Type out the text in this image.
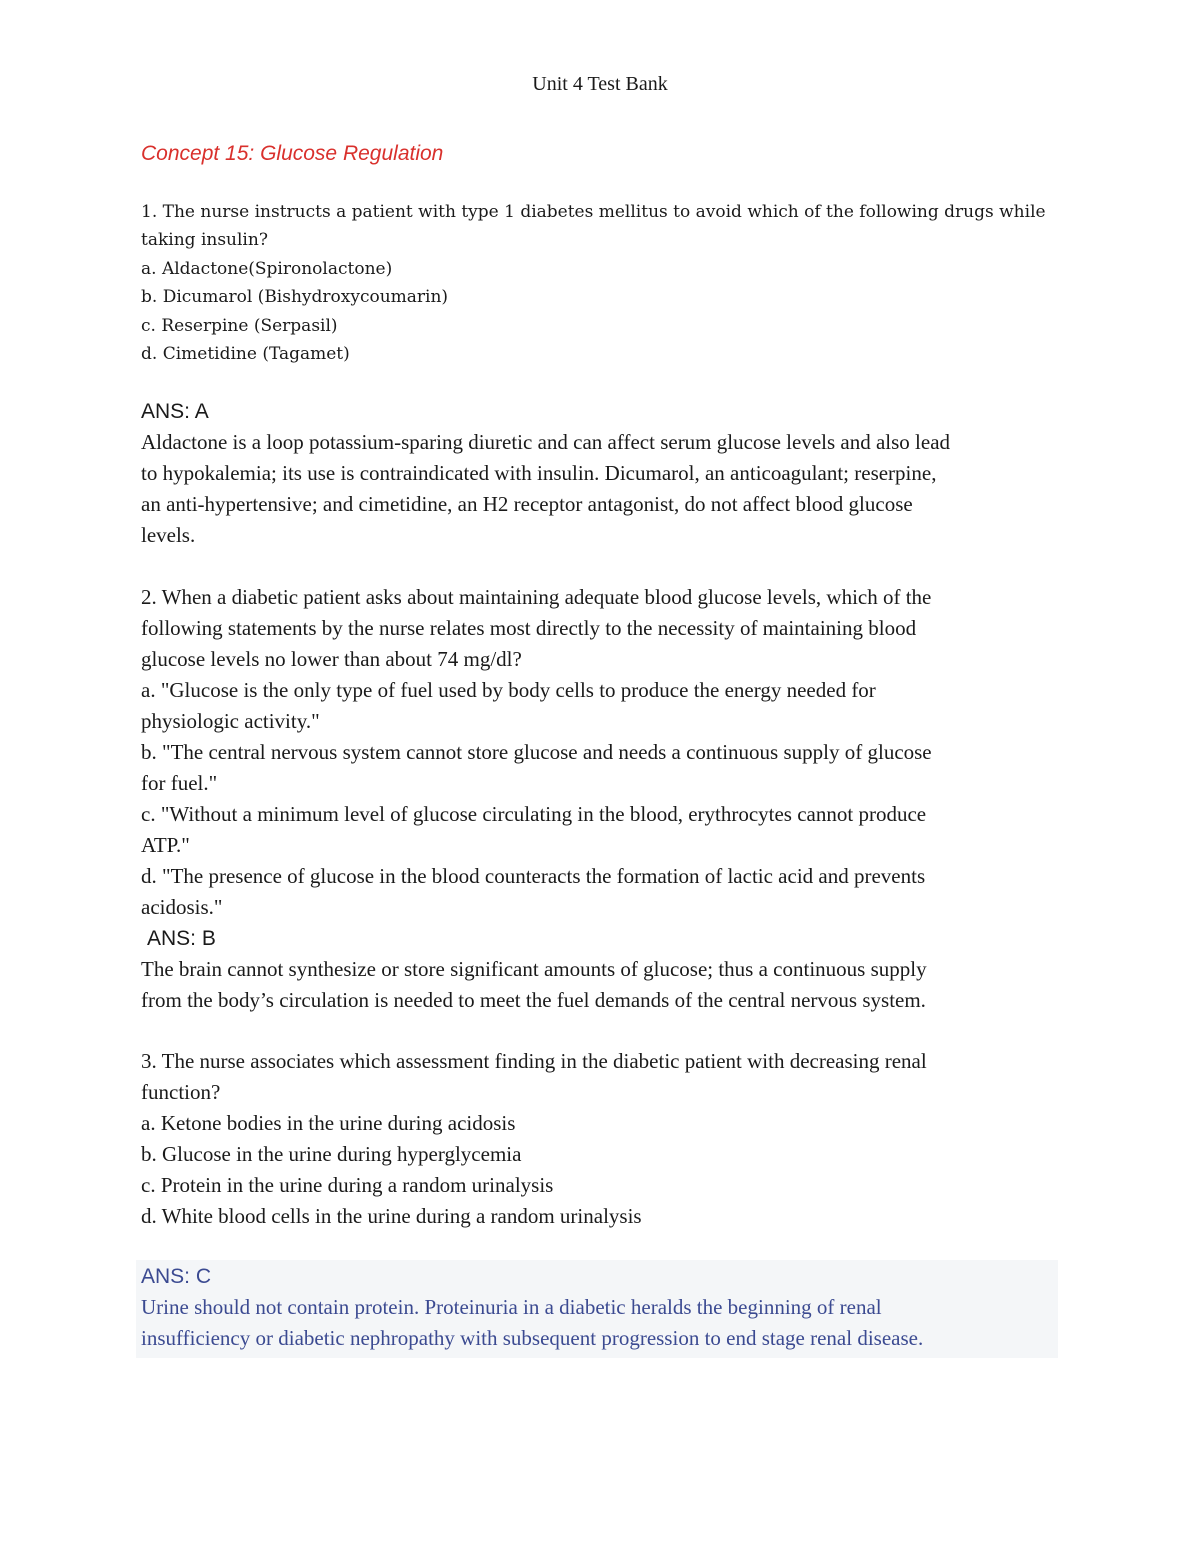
Unit 4 Test Bank
Concept 15: Glucose Regulation
1. The nurse instructs a patient with type 1 diabetes mellitus to avoid which of the following drugs while
taking insulin?
a. Aldactone(Spironolactone)
b. Dicumarol (Bishydroxycoumarin)
c. Reserpine (Serpasil)
d. Cimetidine (Tagamet)
ANS: A
Aldactone is a loop potassium-sparing diuretic and can affect serum glucose levels and also lead
to hypokalemia; its use is contraindicated with insulin. Dicumarol, an anticoagulant; reserpine,
an anti-hypertensive; and cimetidine, an H2 receptor antagonist, do not affect blood glucose
levels.
2. When a diabetic patient asks about maintaining adequate blood glucose levels, which of the
following statements by the nurse relates most directly to the necessity of maintaining blood
glucose levels no lower than about 74 mg/dl?
a. "Glucose is the only type of fuel used by body cells to produce the energy needed for
physiologic activity."
b. "The central nervous system cannot store glucose and needs a continuous supply of glucose
for fuel."
c. "Without a minimum level of glucose circulating in the blood, erythrocytes cannot produce
ATP."
d. "The presence of glucose in the blood counteracts the formation of lactic acid and prevents
acidosis."
ANS: B
The brain cannot synthesize or store significant amounts of glucose; thus a continuous supply
from the body’s circulation is needed to meet the fuel demands of the central nervous system.
3. The nurse associates which assessment finding in the diabetic patient with decreasing renal
function?
a. Ketone bodies in the urine during acidosis
b. Glucose in the urine during hyperglycemia
c. Protein in the urine during a random urinalysis
d. White blood cells in the urine during a random urinalysis
ANS: C
Urine should not contain protein. Proteinuria in a diabetic heralds the beginning of renal
insufficiency or diabetic nephropathy with subsequent progression to end stage renal disease.
